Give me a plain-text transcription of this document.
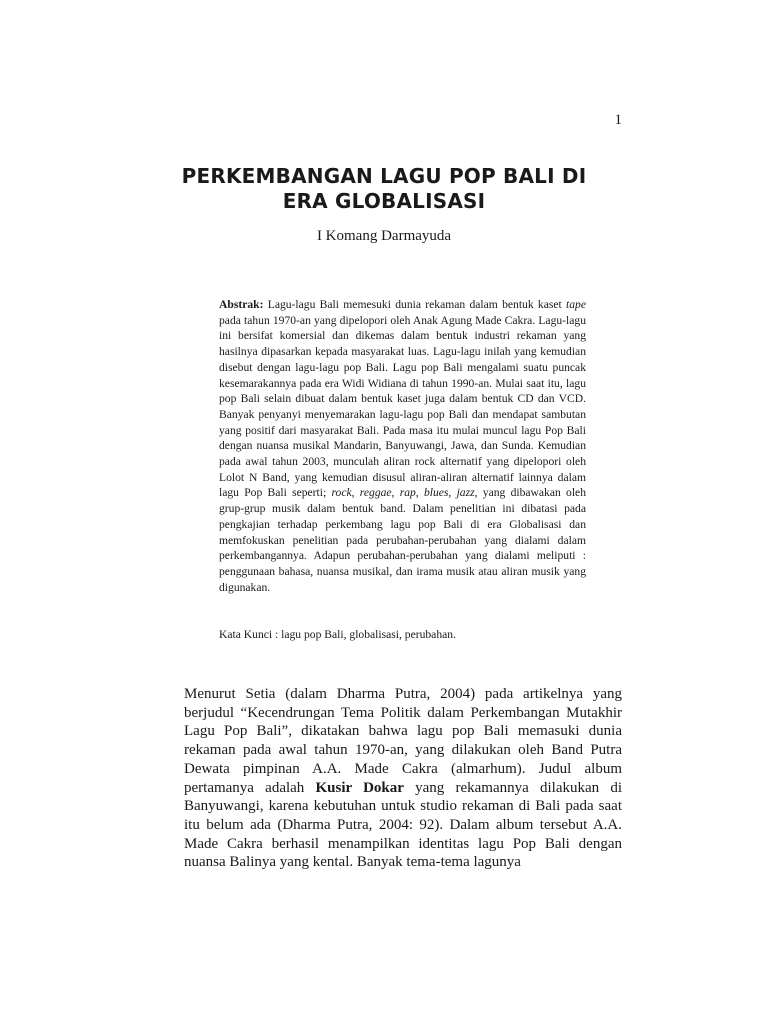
1
PERKEMBANGAN LAGU POP BALI DI
ERA GLOBALISASI
I Komang Darmayuda

Abstrak: Lagu-lagu Bali memesuki dunia rekaman dalam bentuk kaset tape pada tahun 1970-an yang dipelopori oleh Anak Agung Made Cakra. Lagu-lagu ini bersifat komersial dan dikemas dalam bentuk industri rekaman yang hasilnya dipasarkan kepada masyarakat luas. Lagu-lagu inilah yang kemudian disebut dengan lagu-lagu pop Bali. Lagu pop Bali mengalami suatu puncak kesemarakannya pada era Widi Widiana di tahun 1990-an. Mulai saat itu, lagu pop Bali selain dibuat dalam bentuk kaset juga dalam bentuk CD dan VCD. Banyak penyanyi menyemarakan lagu-lagu pop Bali dan mendapat sambutan yang positif dari masyarakat Bali. Pada masa itu mulai muncul lagu Pop Bali dengan nuansa musikal Mandarin, Banyuwangi, Jawa, dan Sunda. Kemudian pada awal tahun 2003, munculah aliran rock alternatif yang dipelopori oleh Lolot N Band, yang kemudian disusul aliran-aliran alternatif lainnya dalam lagu Pop Bali seperti; rock, reggae, rap, blues, jazz, yang dibawakan oleh grup-grup musik dalam bentuk band. Dalam penelitian ini dibatasi pada pengkajian terhadap perkembang lagu pop Bali di era Globalisasi dan memfokuskan penelitian pada perubahan-perubahan yang dialami dalam perkembangannya. Adapun perubahan-perubahan yang dialami meliputi : penggunaan bahasa, nuansa musikal, dan irama musik atau aliran musik yang digunakan.

Kata Kunci : lagu pop Bali, globalisasi, perubahan.

Menurut Setia (dalam Dharma Putra, 2004) pada artikelnya yang berjudul “Kecendrungan Tema Politik dalam Perkembangan Mutakhir Lagu Pop Bali”, dikatakan bahwa lagu pop Bali memasuki dunia rekaman pada awal tahun 1970-an, yang dilakukan oleh Band Putra Dewata pimpinan A.A. Made Cakra (almarhum). Judul album pertamanya adalah Kusir Dokar yang rekamannya dilakukan di Banyuwangi, karena kebutuhan untuk studio rekaman di Bali pada saat itu belum ada (Dharma Putra, 2004: 92). Dalam album tersebut A.A. Made Cakra berhasil menampilkan identitas lagu Pop Bali dengan nuansa Balinya yang kental. Banyak tema-tema lagunya
